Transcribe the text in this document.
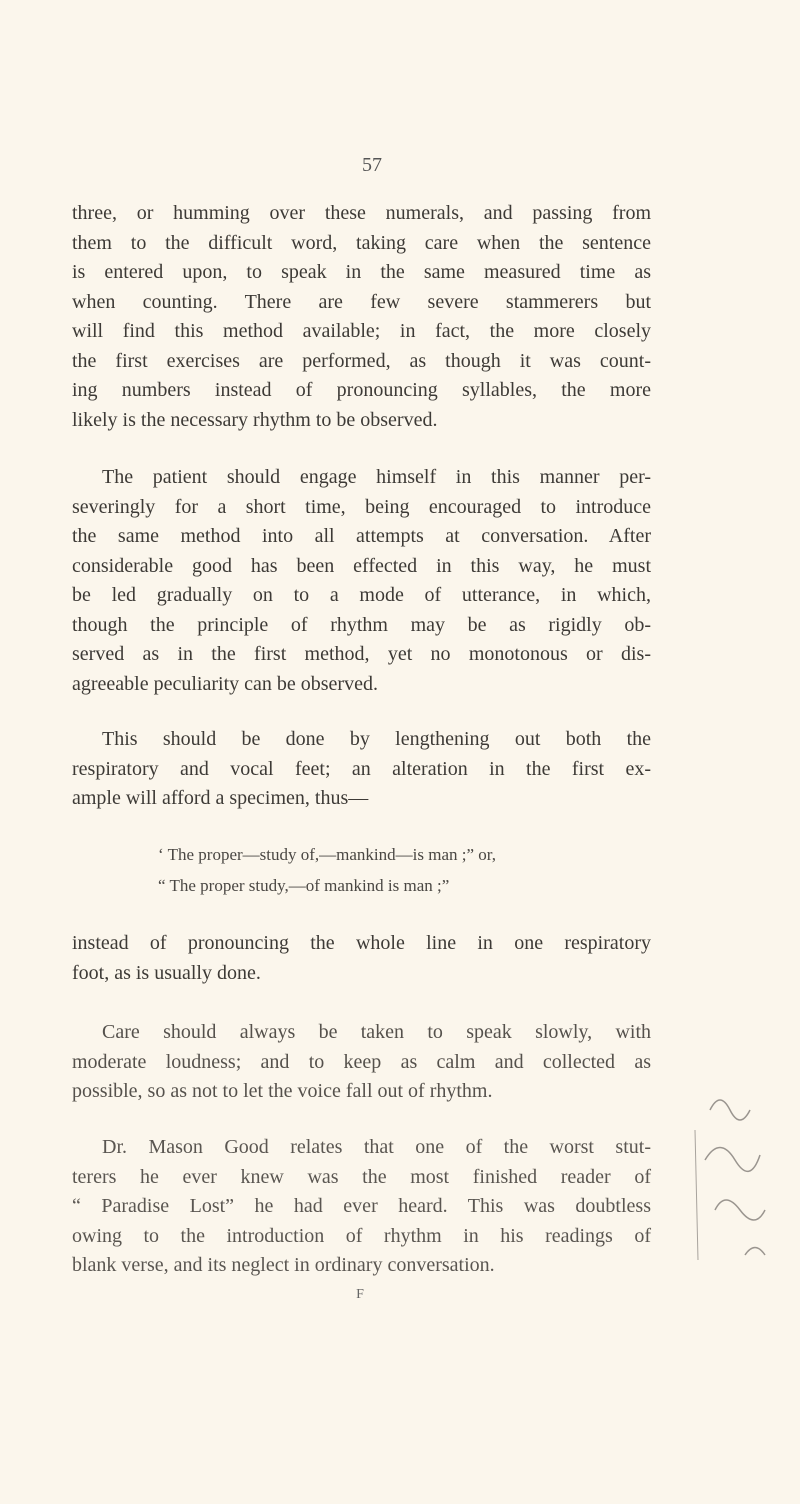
57
three, or humming over these numerals, and passing from
them to the difficult word, taking care when the sentence
is entered upon, to speak in the same measured time as
when counting. There are few severe stammerers but
will find this method available; in fact, the more closely
the first exercises are performed, as though it was count-
ing numbers instead of pronouncing syllables, the more
likely is the necessary rhythm to be observed.
The patient should engage himself in this manner per-
severingly for a short time, being encouraged to introduce
the same method into all attempts at conversation. After
considerable good has been effected in this way, he must
be led gradually on to a mode of utterance, in which,
though the principle of rhythm may be as rigidly ob-
served as in the first method, yet no monotonous or dis-
agreeable peculiarity can be observed.
This should be done by lengthening out both the
respiratory and vocal feet; an alteration in the first ex-
ample will afford a specimen, thus—
‘ The proper—study of,—mankind—is man ;” or,
“ The proper study,—of mankind is man ;”
instead of pronouncing the whole line in one respiratory
foot, as is usually done.
Care should always be taken to speak slowly, with
moderate loudness; and to keep as calm and collected as
possible, so as not to let the voice fall out of rhythm.
Dr. Mason Good relates that one of the worst stut-
terers he ever knew was the most finished reader of
“ Paradise Lost” he had ever heard. This was doubtless
owing to the introduction of rhythm in his readings of
blank verse, and its neglect in ordinary conversation.
F
